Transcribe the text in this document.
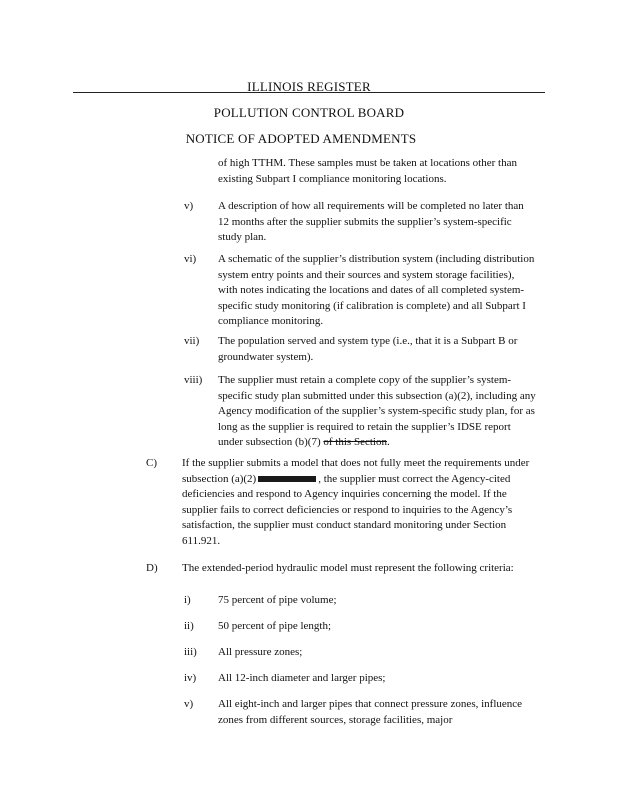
ILLINOIS REGISTER
POLLUTION CONTROL BOARD
NOTICE OF ADOPTED AMENDMENTS

of high TTHM. These samples must be taken at locations other than existing Subpart I compliance monitoring locations.

v) A description of how all requirements will be completed no later than 12 months after the supplier submits the supplier’s system-specific study plan.

vi) A schematic of the supplier’s distribution system (including distribution system entry points and their sources and system storage facilities), with notes indicating the locations and dates of all completed system-specific study monitoring (if calibration is complete) and all Subpart I compliance monitoring.

vii) The population served and system type (i.e., that it is a Subpart B or groundwater system).

viii) The supplier must retain a complete copy of the supplier’s system-specific study plan submitted under this subsection (a)(2), including any Agency modification of the supplier’s system-specific study plan, for as long as the supplier is required to retain the supplier’s IDSE report under subsection (b)(7) of this Section.

C) If the supplier submits a model that does not fully meet the requirements under subsection (a)(2)	, the supplier must correct the Agency-cited deficiencies and respond to Agency inquiries concerning the model. If the supplier fails to correct deficiencies or respond to inquiries to the Agency’s satisfaction, the supplier must conduct standard monitoring under Section 611.921.

D) The extended-period hydraulic model must represent the following criteria:

i) 75 percent of pipe volume;

ii) 50 percent of pipe length;

iii) All pressure zones;

iv) All 12-inch diameter and larger pipes;

v) All eight-inch and larger pipes that connect pressure zones, influence zones from different sources, storage facilities, major
